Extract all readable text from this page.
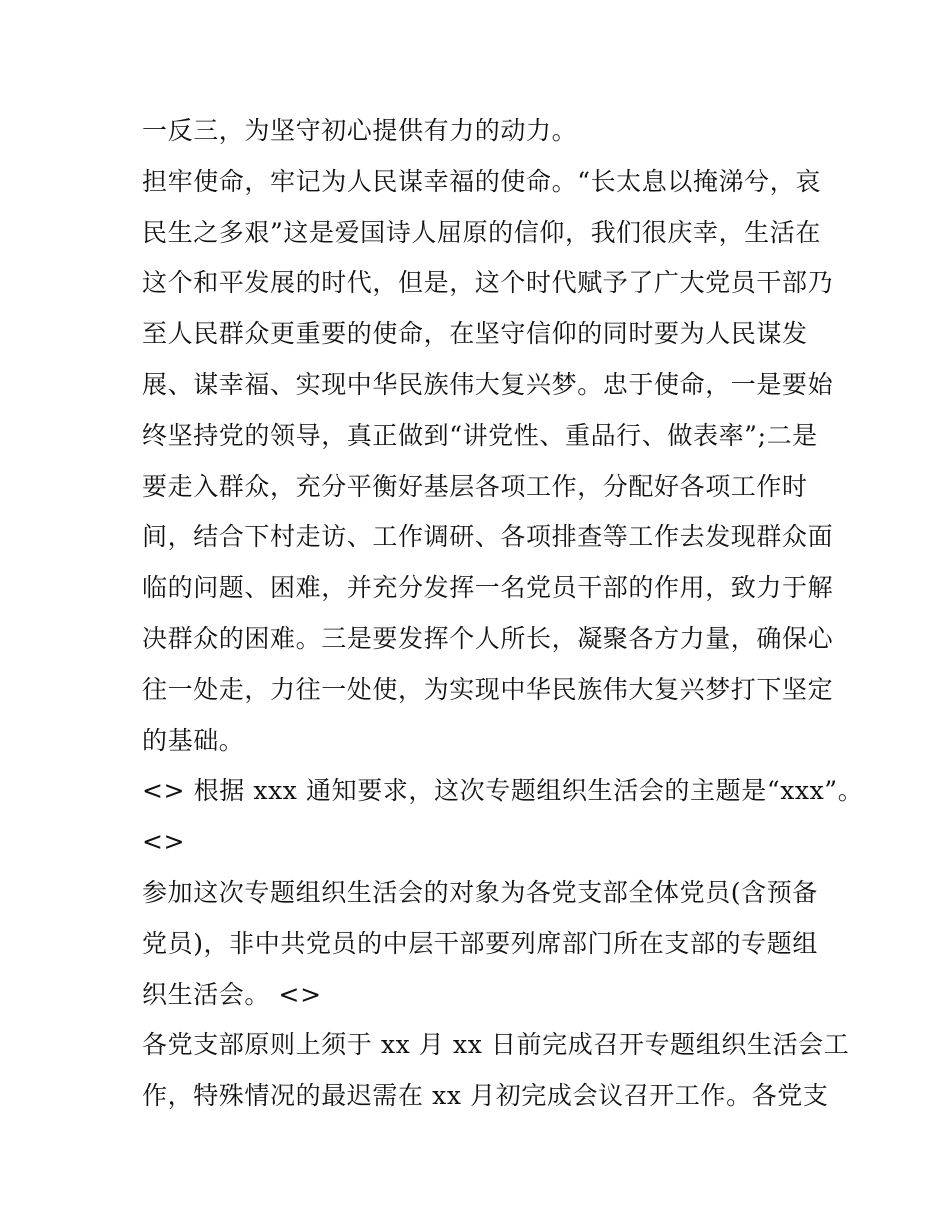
一反三，为坚守初心提供有力的动力。
担牢使命，牢记为人民谋幸福的使命。“长太息以掩涕兮，哀
民生之多艰”这是爱国诗人屈原的信仰，我们很庆幸，生活在
这个和平发展的时代，但是，这个时代赋予了广大党员干部乃
至人民群众更重要的使命，在坚守信仰的同时要为人民谋发
展、谋幸福、实现中华民族伟大复兴梦。忠于使命，一是要始
终坚持党的领导，真正做到“讲党性、重品行、做表率”;二是
要走入群众，充分平衡好基层各项工作，分配好各项工作时
间，结合下村走访、工作调研、各项排查等工作去发现群众面
临的问题、困难，并充分发挥一名党员干部的作用，致力于解
决群众的困难。三是要发挥个人所长，凝聚各方力量，确保心
往一处走，力往一处使，为实现中华民族伟大复兴梦打下坚定
的基础。
<> 根据 xxx 通知要求，这次专题组织生活会的主题是“xxx”。
<>
参加这次专题组织生活会的对象为各党支部全体党员(含预备
党员)，非中共党员的中层干部要列席部门所在支部的专题组
织生活会。 <>
各党支部原则上须于 xx 月 xx 日前完成召开专题组织生活会工
作，特殊情况的最迟需在 xx 月初完成会议召开工作。各党支
